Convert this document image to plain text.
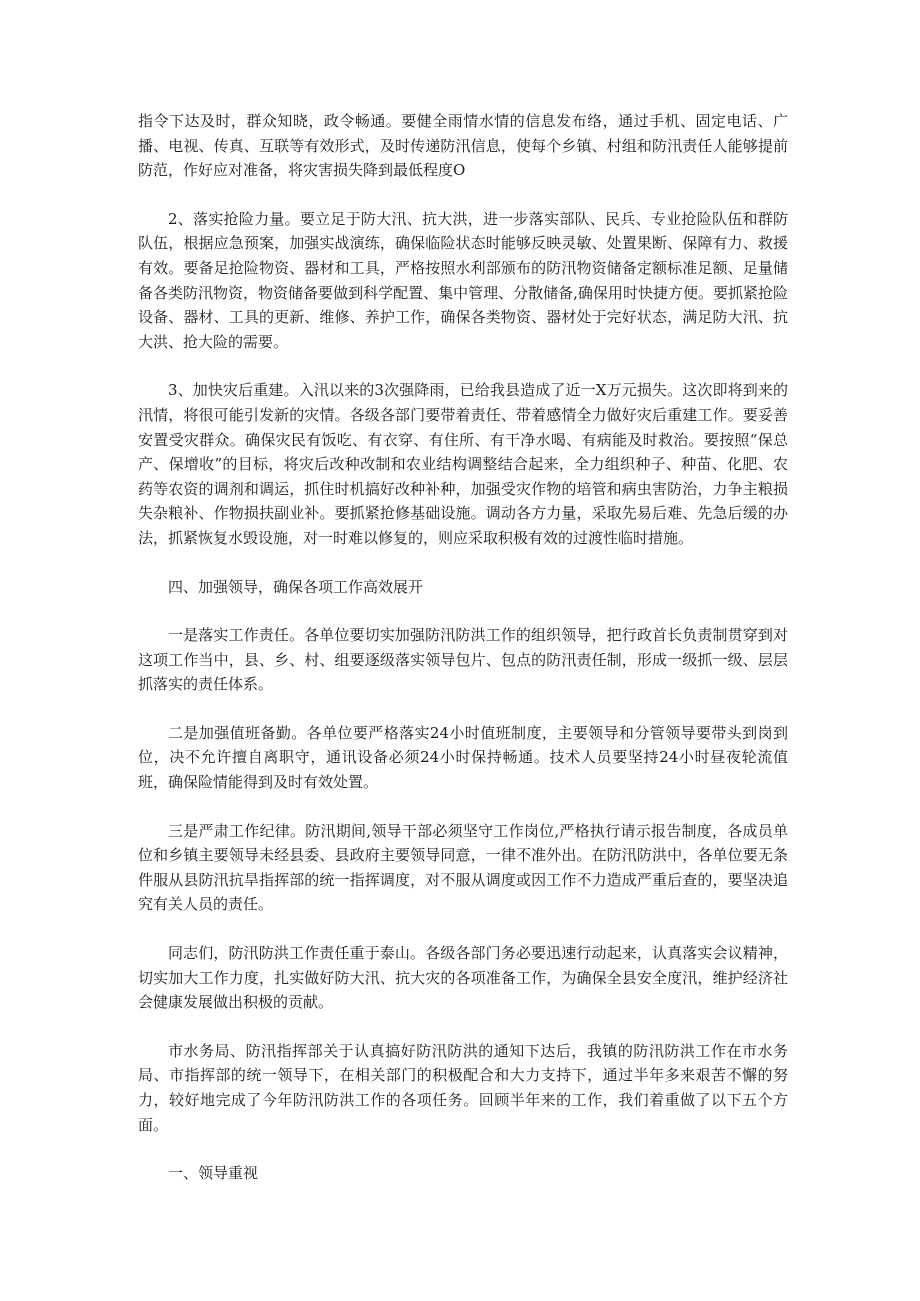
指令下达及时，群众知晓，政令畅通。要健全雨情水情的信息发布络，通过手机、固定电话、广播、电视、传真、互联等有效形式，及时传递防汛信息，使每个乡镇、村组和防汛责任人能够提前防范，作好应对准备，将灾害损失降到最低程度O

2、落实抢险力量。要立足于防大汛、抗大洪，进一步落实部队、民兵、专业抢险队伍和群防队伍，根据应急预案，加强实战演练，确保临险状态时能够反映灵敏、处置果断、保障有力、救援有效。要备足抢险物资、器材和工具，严格按照水利部颁布的防汛物资储备定额标准足额、足量储备各类防汛物资，物资储备要做到科学配置、集中管理、分散储备,确保用时快捷方便。要抓紧抢险设备、器材、工具的更新、维修、养护工作，确保各类物资、器材处于完好状态，满足防大汛、抗大洪、抢大险的需要。

3、加快灾后重建。入汛以来的3次强降雨，已给我县造成了近一X万元损失。这次即将到来的汛情，将很可能引发新的灾情。各级各部门要带着责任、带着感情全力做好灾后重建工作。要妥善安置受灾群众。确保灾民有饭吃、有衣穿、有住所、有干净水喝、有病能及时救治。要按照“保总产、保增收”的目标，将灾后改种改制和农业结构调整结合起来，全力组织种子、种苗、化肥、农药等农资的调剂和调运，抓住时机搞好改种补种，加强受灾作物的培管和病虫害防治，力争主粮损失杂粮补、作物损扶副业补。要抓紧抢修基础设施。调动各方力量，采取先易后难、先急后缓的办法，抓紧恢复水毁设施，对一时难以修复的，则应采取积极有效的过渡性临时措施。

四、加强领导，确保各项工作高效展开

一是落实工作责任。各单位要切实加强防汛防洪工作的组织领导，把行政首长负责制贯穿到对这项工作当中，县、乡、村、组要逐级落实领导包片、包点的防汛责任制，形成一级抓一级、层层抓落实的责任体系。

二是加强值班备勤。各单位要严格落实24小时值班制度，主要领导和分管领导要带头到岗到位，决不允许擅自离职守，通讯设备必须24小时保持畅通。技术人员要坚持24小时昼夜轮流值班，确保险情能得到及时有效处置。

三是严肃工作纪律。防汛期间,领导干部必须坚守工作岗位,严格执行请示报告制度，各成员单位和乡镇主要领导未经县委、县政府主要领导同意，一律不准外出。在防汛防洪中，各单位要无条件服从县防汛抗旱指挥部的统一指挥调度，对不服从调度或因工作不力造成严重后查的，要坚决追究有关人员的责任。

同志们，防汛防洪工作责任重于泰山。各级各部门务必要迅速行动起来，认真落实会议精神，切实加大工作力度，扎实做好防大汛、抗大灾的各项准备工作，为确保全县安全度汛，维护经济社会健康发展做出积极的贡献。

市水务局、防汛指挥部关于认真搞好防汛防洪的通知下达后，我镇的防汛防洪工作在市水务局、市指挥部的统一领导下，在相关部门的积极配合和大力支持下，通过半年多来艰苦不懈的努力，较好地完成了今年防汛防洪工作的各项任务。回顾半年来的工作，我们着重做了以下五个方面。

一、领导重视
